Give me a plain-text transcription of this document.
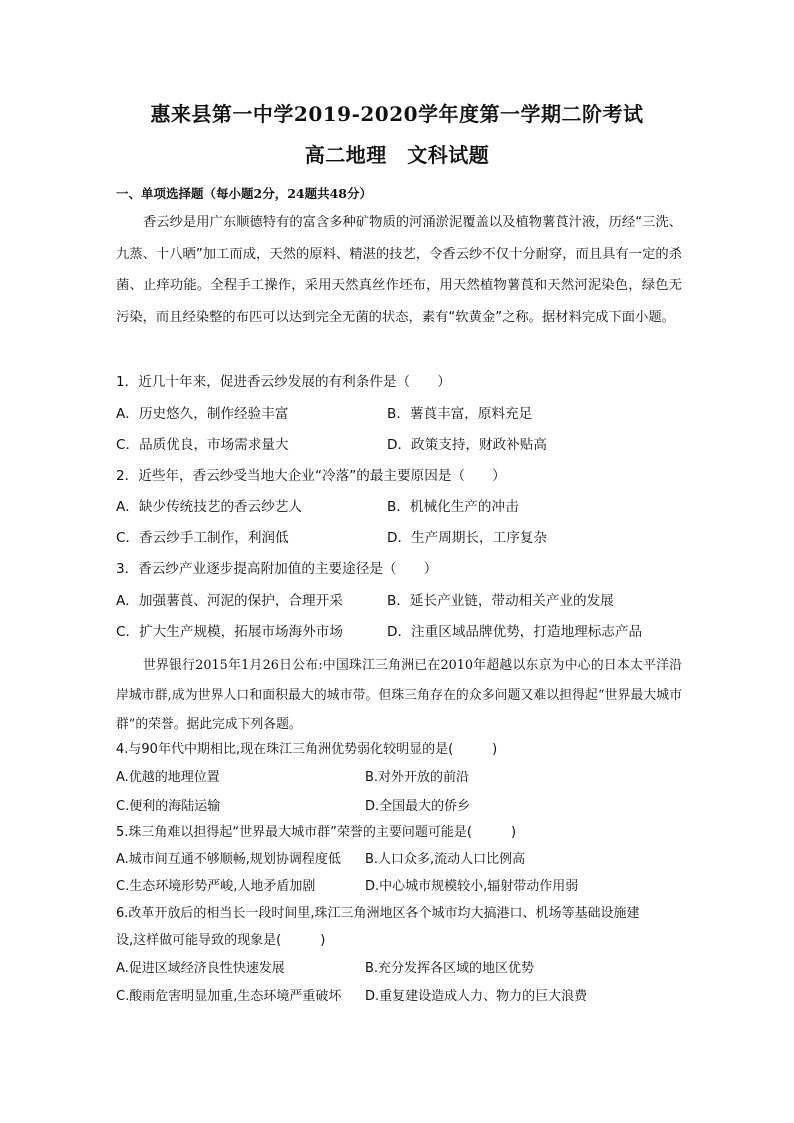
惠来县第一中学2019-2020学年度第一学期二阶考试
高二地理　文科试题
一、单项选择题（每小题2分，24题共48分）
香云纱是用广东顺德特有的富含多种矿物质的河涌淤泥覆盖以及植物薯莨汁液，历经“三洗、九蒸、十八晒”加工而成，天然的原料、精湛的技艺，令香云纱不仅十分耐穿，而且具有一定的杀菌、止痒功能。全程手工操作，采用天然真丝作坯布，用天然植物薯莨和天然河泥染色，绿色无污染，而且经染整的布匹可以达到完全无菌的状态，素有“软黄金”之称。据材料完成下面小题。
1．近几十年来，促进香云纱发展的有利条件是（　　）
A．历史悠久，制作经验丰富	B．薯莨丰富，原料充足
C．品质优良，市场需求量大	D．政策支持，财政补贴高
2．近些年，香云纱受当地大企业“冷落”的最主要原因是（　　）
A．缺少传统技艺的香云纱艺人	B．机械化生产的冲击
C．香云纱手工制作，利润低	D．生产周期长，工序复杂
3．香云纱产业逐步提高附加值的主要途径是（　　）
A．加强薯莨、河泥的保护，合理开采	B．延长产业链，带动相关产业的发展
C．扩大生产规模，拓展市场海外市场	D．注重区域品牌优势，打造地理标志产品
世界银行2015年1月26日公布:中国珠江三角洲已在2010年超越以东京为中心的日本太平洋沿岸城市群,成为世界人口和面积最大的城市带。但珠三角存在的众多问题又难以担得起“世界最大城市群”的荣誉。据此完成下列各题。
4.与90年代中期相比,现在珠江三角洲优势弱化较明显的是(　　　)
A.优越的地理位置	B.对外开放的前沿
C.便利的海陆运输	D.全国最大的侨乡
5.珠三角难以担得起“世界最大城市群”荣誉的主要问题可能是(　　　)
A.城市间互通不够顺畅,规划协调程度低 B.人口众多,流动人口比例高
C.生态环境形势严峻,人地矛盾加剧	D.中心城市规模较小,辐射带动作用弱
6.改革开放后的相当长一段时间里,珠江三角洲地区各个城市均大搞港口、机场等基础设施建
设,这样做可能导致的现象是(　　　)
A.促进区域经济良性快速发展	B.充分发挥各区域的地区优势
C.酸雨危害明显加重,生态环境严重破坏 D.重复建设造成人力、物力的巨大浪费
